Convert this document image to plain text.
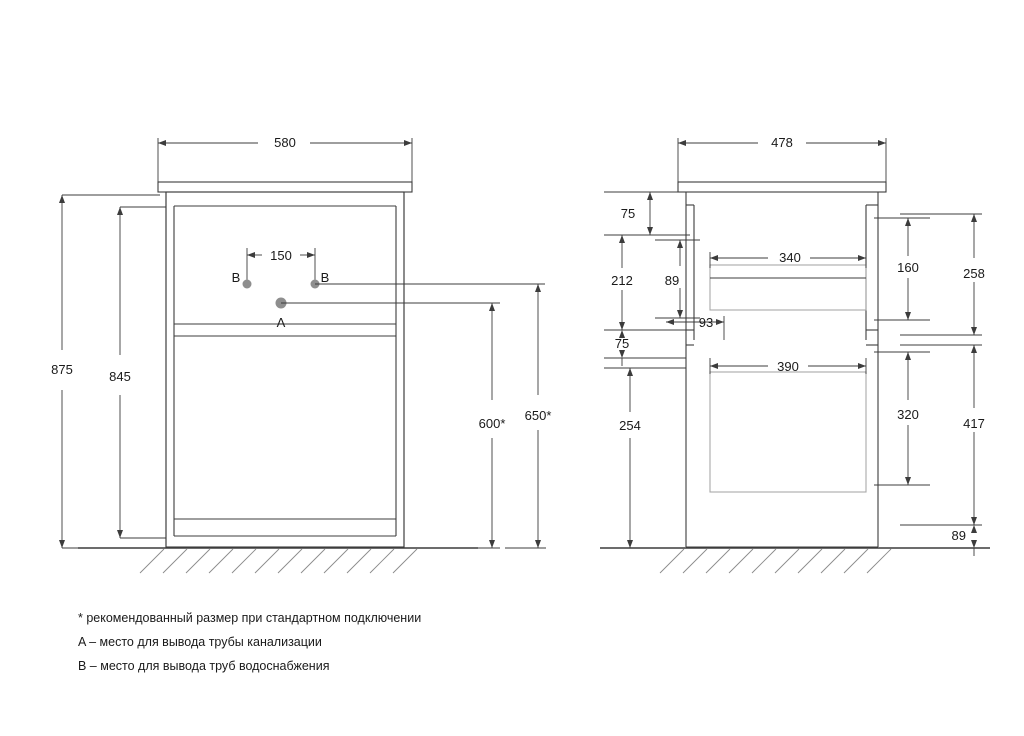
580
875	845
150
B	B
A
600*
650*
478
75
212 89
340
160	258
75
93
254
390
320
417
89
* рекомендованный размер при стандартном подключении
A – место для вывода трубы канализации
B – место для вывода труб водоснабжения
